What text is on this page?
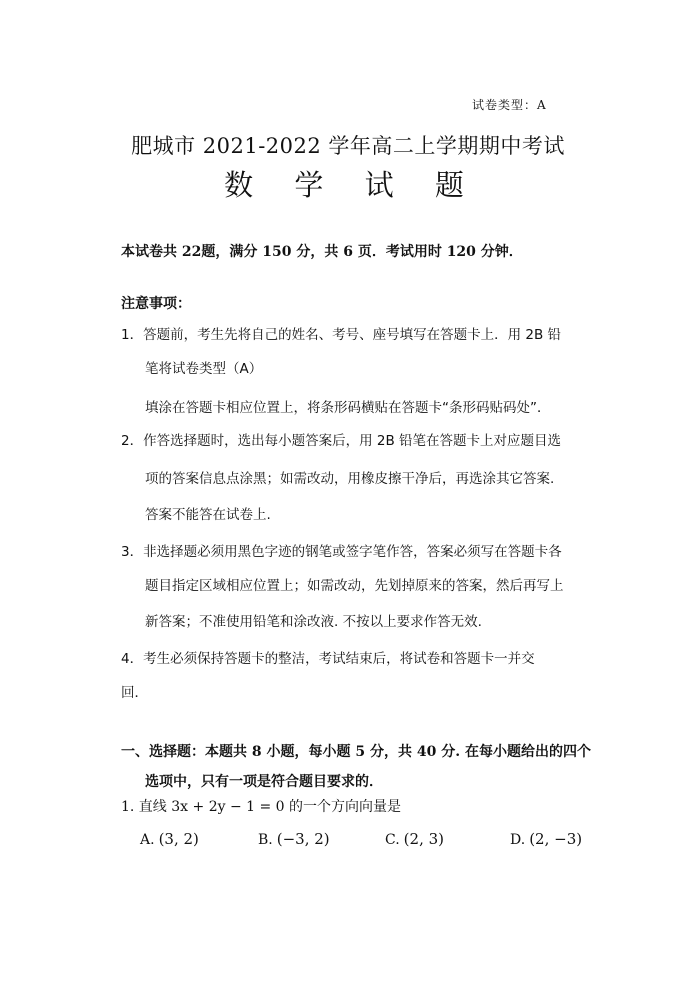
试卷类型：A
肥城市 2021-2022 学年高二上学期期中考试
数 学 试 题
本试卷共 22题，满分 150 分，共 6 页．考试用时 120 分钟．
注意事项：
1．答题前，考生先将自己的姓名、考号、座号填写在答题卡上．用 2B 铅
笔将试卷类型（A）
填涂在答题卡相应位置上，将条形码横贴在答题卡“条形码贴码处”．
2．作答选择题时，选出每小题答案后，用 2B 铅笔在答题卡上对应题目选
项的答案信息点涂黑；如需改动，用橡皮擦干净后，再选涂其它答案.
答案不能答在试卷上.
3．非选择题必须用黑色字迹的钢笔或签字笔作答，答案必须写在答题卡各
题目指定区域相应位置上；如需改动，先划掉原来的答案，然后再写上
新答案；不准使用铅笔和涂改液. 不按以上要求作答无效.
4．考生必须保持答题卡的整洁，考试结束后，将试卷和答题卡一并交
回．
一、选择题：本题共 8 小题，每小题 5 分，共 40 分. 在每小题给出的四个
选项中，只有一项是符合题目要求的．
1. 直线 3x + 2y − 1 = 0 的一个方向向量是
A. (3, 2)	B. (−3, 2)	C. (2, 3)	D. (2, −3)
